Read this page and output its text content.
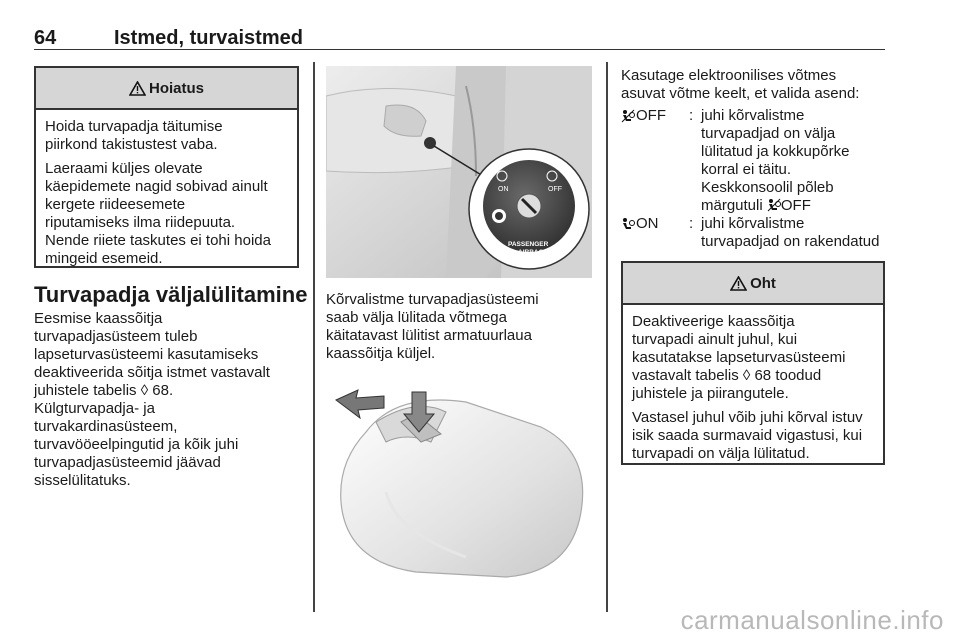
64	Istmed, turvaistmed
Hoiatus

Hoida turvapadja täitumise
piirkond takistustest vaba.

Laeraami küljes olevate
käepidemete nagid sobivad ainult
kergete riideesemete
riputamiseks ilma riidepuuta.
Nende riiete taskutes ei tohi hoida
mingeid esemeid.

Turvapadja väljalülitamine
Eesmise kaassõitja
turvapadjasüsteem tuleb
lapseturvasüsteemi kasutamiseks
deaktiveerida sõitja istmet vastavalt
juhistele tabelis ◊ 68.
Külgturvapadja- ja
turvakardinasüsteem,
turvavööeelpingutid ja kõik juhi
turvapadjasüsteemid jäävad
sisselülitatuks.
ON	OFF
PASSENGER
AIRBAG
Kõrvalistme turvapadjasüsteemi
saab välja lülitada võtmega
käitatavast lülitist armatuurlaua
kaassõitja küljel.
Kasutage elektroonilises võtmes
asuvat võtme keelt, et valida asend:
OFF : juhi kõrvalistme
turvapadjad on välja
lülitatud ja kokkupõrke
korral ei täitu.
Keskkonsoolil põleb
märgutuli OFF
ON : juhi kõrvalistme
turvapadjad on rakendatud
Oht

Deaktiveerige kaassõitja
turvapadi ainult juhul, kui
kasutatakse lapseturvasüsteemi
vastavalt tabelis ◊ 68 toodud
juhistele ja piirangutele.

Vastasel juhul võib juhi kõrval istuv
isik saada surmavaid vigastusi, kui
turvapadi on välja lülitatud.

carmanualsonline.info
